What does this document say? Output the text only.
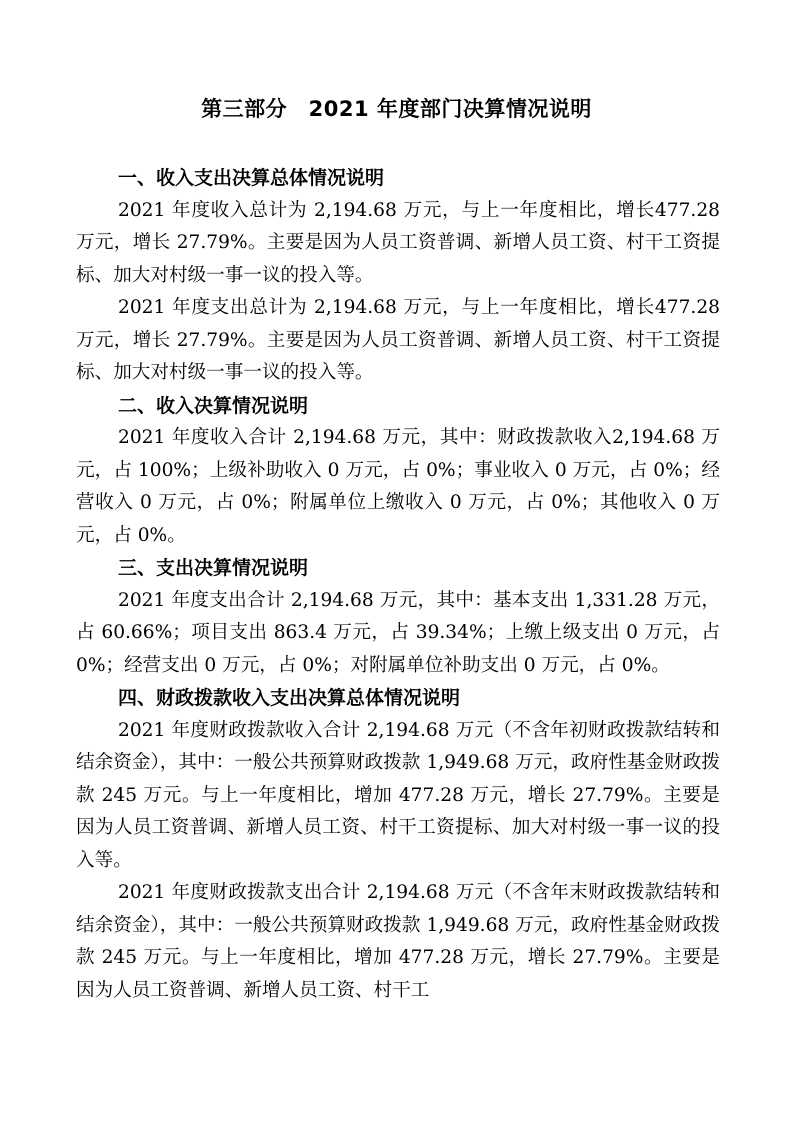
第三部分　2021 年度部门决算情况说明
一、收入支出决算总体情况说明

2021 年度收入总计为 2,194.68 万元，与上一年度相比，增长477.28 万元，增长 27.79%。主要是因为人员工资普调、新增人员工资、村干工资提标、加大对村级一事一议的投入等。

2021 年度支出总计为 2,194.68 万元，与上一年度相比，增长477.28 万元，增长 27.79%。主要是因为人员工资普调、新增人员工资、村干工资提标、加大对村级一事一议的投入等。

二、收入决算情况说明

2021 年度收入合计 2,194.68 万元，其中：财政拨款收入2,194.68 万元，占 100%；上级补助收入 0 万元，占 0%；事业收入 0 万元，占 0%；经营收入 0 万元，占 0%；附属单位上缴收入 0 万元，占 0%；其他收入 0 万元，占 0%。

三、支出决算情况说明

2021 年度支出合计 2,194.68 万元，其中：基本支出 1,331.28 万元，占 60.66%；项目支出 863.4 万元，占 39.34%；上缴上级支出 0 万元，占 0%；经营支出 0 万元，占 0%；对附属单位补助支出 0 万元，占 0%。

四、财政拨款收入支出决算总体情况说明

2021 年度财政拨款收入合计 2,194.68 万元（不含年初财政拨款结转和结余资金），其中：一般公共预算财政拨款 1,949.68 万元，政府性基金财政拨款 245 万元。与上一年度相比，增加 477.28 万元，增长 27.79%。主要是因为人员工资普调、新增人员工资、村干工资提标、加大对村级一事一议的投入等。

2021 年度财政拨款支出合计 2,194.68 万元（不含年末财政拨款结转和结余资金），其中：一般公共预算财政拨款 1,949.68 万元，政府性基金财政拨款 245 万元。与上一年度相比，增加 477.28 万元，增长 27.79%。主要是因为人员工资普调、新增人员工资、村干工
